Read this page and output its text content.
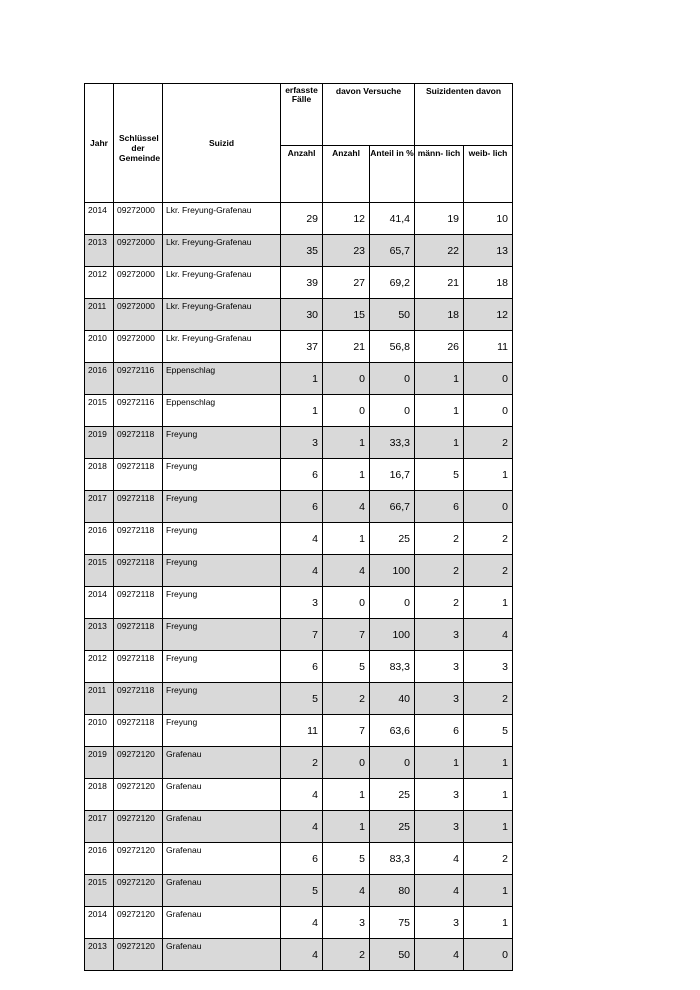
Jahr	Schlüssel der Gemeinde	Suizid	erfasste Fälle	davon Versuche		Suizidenten davon	
			Anzahl	Anzahl	Anteil in %	männ- lich	weib- lich
2014	09272000	Lkr. Freyung-Grafenau	29	12	41,4	19	10
2013	09272000	Lkr. Freyung-Grafenau	35	23	65,7	22	13
2012	09272000	Lkr. Freyung-Grafenau	39	27	69,2	21	18
2011	09272000	Lkr. Freyung-Grafenau	30	15	50	18	12
2010	09272000	Lkr. Freyung-Grafenau	37	21	56,8	26	11
2016	09272116	Eppenschlag	1	0	0	1	0
2015	09272116	Eppenschlag	1	0	0	1	0
2019	09272118	Freyung	3	1	33,3	1	2
2018	09272118	Freyung	6	1	16,7	5	1
2017	09272118	Freyung	6	4	66,7	6	0
2016	09272118	Freyung	4	1	25	2	2
2015	09272118	Freyung	4	4	100	2	2
2014	09272118	Freyung	3	0	0	2	1
2013	09272118	Freyung	7	7	100	3	4
2012	09272118	Freyung	6	5	83,3	3	3
2011	09272118	Freyung	5	2	40	3	2
2010	09272118	Freyung	11	7	63,6	6	5
2019	09272120	Grafenau	2	0	0	1	1
2018	09272120	Grafenau	4	1	25	3	1
2017	09272120	Grafenau	4	1	25	3	1
2016	09272120	Grafenau	6	5	83,3	4	2
2015	09272120	Grafenau	5	4	80	4	1
2014	09272120	Grafenau	4	3	75	3	1
2013	09272120	Grafenau	4	2	50	4	0
